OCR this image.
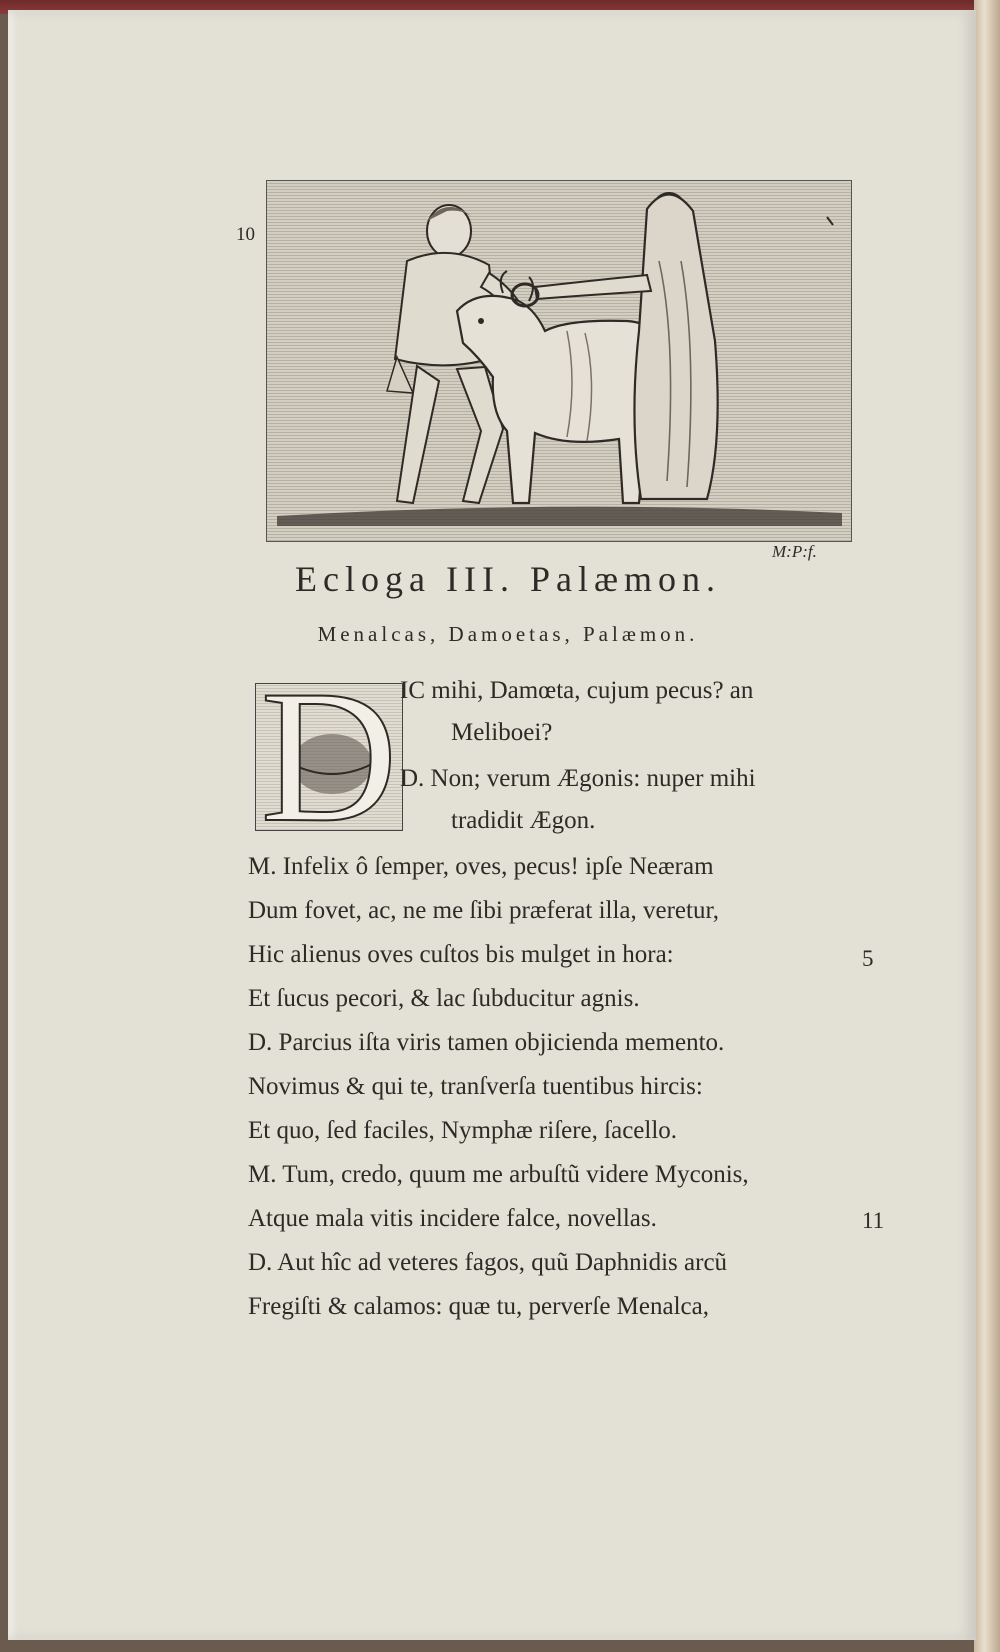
10
M:P:f.
Ecloga III. Palæmon.
Menalcas, Damoetas, Palæmon.
D IC mihi, Damœta, cujum pecus? an
Meliboei?
D. Non; verum Ægonis: nuper mihi
tradidit Ægon.
M. Infelix ô ſemper, oves, pecus! ipſe Neæram
Dum fovet, ac, ne me ſibi præferat illa, veretur,
Hic alienus oves cuſtos bis mulget in hora:
Et ſucus pecori, & lac ſubducitur agnis.
D. Parcius iſta viris tamen objicienda memento.
Novimus & qui te, tranſverſa tuentibus hircis:
Et quo, ſed faciles, Nymphæ riſere, ſacello.
M. Tum, credo, quum me arbuſtũ videre Myconis,
Atque mala vitis incidere falce, novellas.
D. Aut hîc ad veteres fagos, quũ Daphnidis arcũ
Fregiſti & calamos: quæ tu, perverſe Menalca,
5
11
